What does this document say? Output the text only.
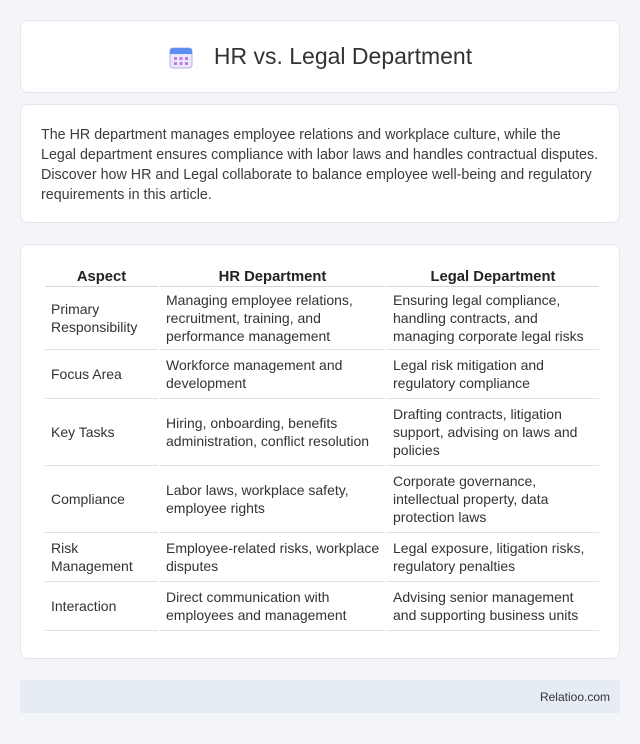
HR vs. Legal Department

The HR department manages employee relations and workplace culture, while the Legal department ensures compliance with labor laws and handles contractual disputes. Discover how HR and Legal collaborate to balance employee well-being and regulatory requirements in this article.

Aspect	HR Department	Legal Department
Primary Responsibility	Managing employee relations, recruitment, training, and performance management	Ensuring legal compliance, handling contracts, and managing corporate legal risks
Focus Area	Workforce management and development	Legal risk mitigation and regulatory compliance
Key Tasks	Hiring, onboarding, benefits administration, conflict resolution	Drafting contracts, litigation support, advising on laws and policies
Compliance	Labor laws, workplace safety, employee rights	Corporate governance, intellectual property, data protection laws
Risk Management	Employee-related risks, workplace disputes	Legal exposure, litigation risks, regulatory penalties
Interaction	Direct communication with employees and management	Advising senior management and supporting business units
Relatioo.com
